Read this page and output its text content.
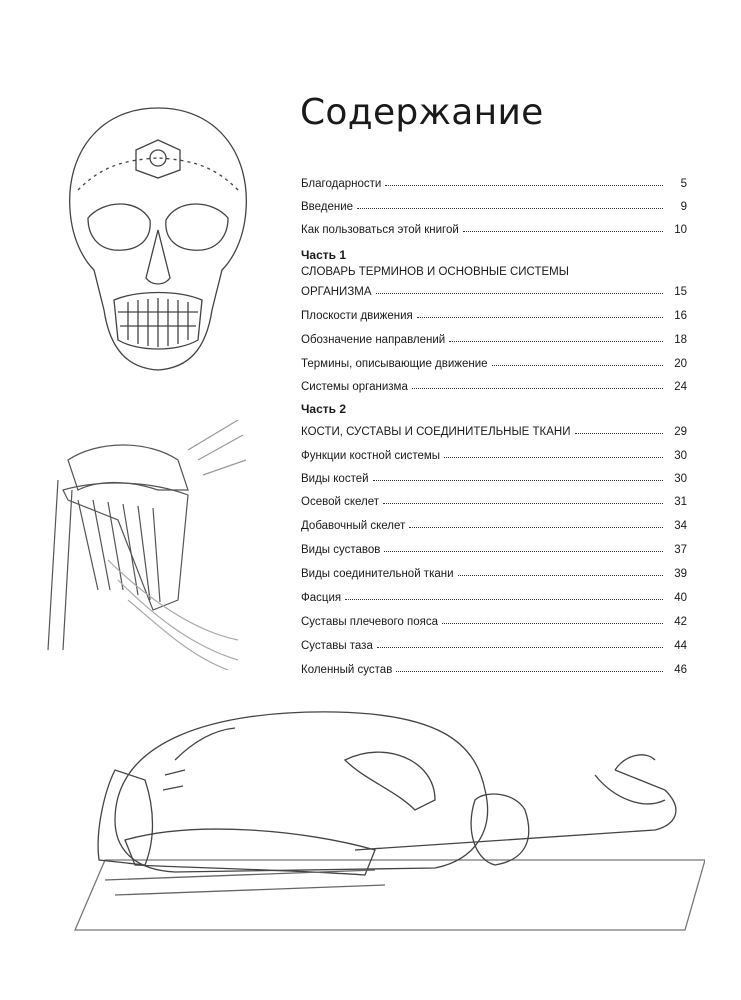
Содержание
Благодарности	5
Введение	9
Как пользоваться этой книгой	10
Часть 1
СЛОВАРЬ ТЕРМИНОВ И ОСНОВНЫЕ СИСТЕМЫ
ОРГАНИЗМА	15
Плоскости движения	16
Обозначение направлений	18
Термины, описывающие движение	20
Системы организма	24
Часть 2
КОСТИ, СУСТАВЫ И СОЕДИНИТЕЛЬНЫЕ ТКАНИ	29
Функции костной системы	30
Виды костей	30
Осевой скелет	31
Добавочный скелет	34
Виды суставов	37
Виды соединительной ткани	39
Фасция	40
Суставы плечевого пояса	42
Суставы таза	44
Коленный сустав	46
